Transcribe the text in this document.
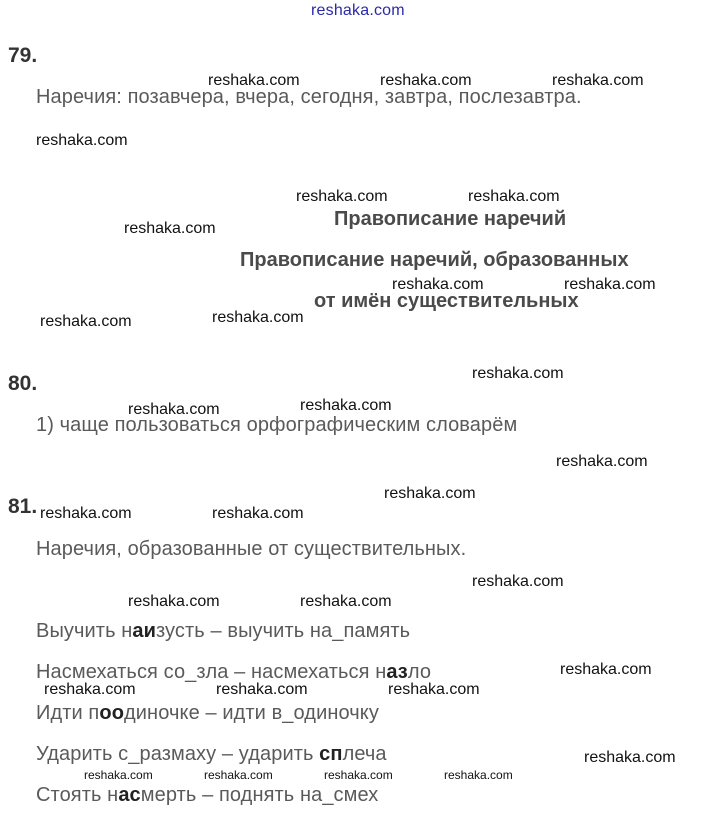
reshaka.com
79.
Наречия: позавчера, вчера, сегодня, завтра, послезавтра.
Правописание наречий
Правописание наречий, образованных
от имён существительных
80.
1) чаще пользоваться орфографическим словарём
81.
Наречия, образованные от существительных.
Выучить наизусть – выучить на_память
Насмехаться со_зла – насмехаться назло
Идти поодиночке – идти в_одиночку
Ударить с_размаху – ударить сплеча
Стоять насмерть – поднять на_смех
reshaka.com	reshaka.com	reshaka.com
reshaka.com
reshaka.com	reshaka.com
reshaka.com
reshaka.com	reshaka.com
reshaka.com
reshaka.com
reshaka.com
reshaka.com
reshaka.com
reshaka.com
reshaka.com
reshaka.com	reshaka.com
reshaka.com
reshaka.com	reshaka.com
reshaka.com
reshaka.com	reshaka.com	reshaka.com
reshaka.com
reshaka.com	reshaka.com	reshaka.com	reshaka.com
